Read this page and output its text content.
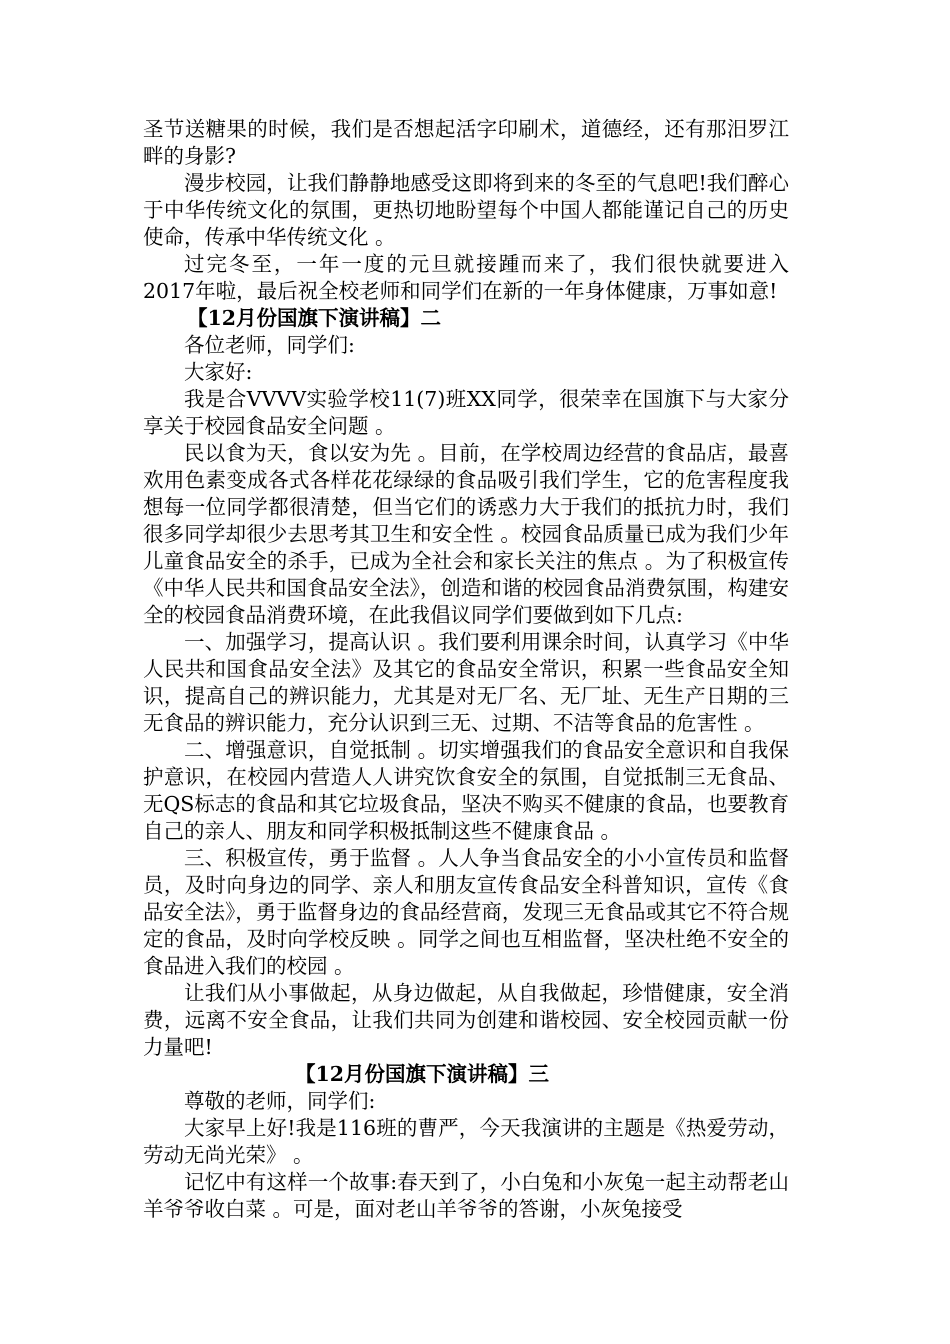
圣节送糖果的时候，我们是否想起活字印刷术，道德经，还有那汨罗江畔的身影?

漫步校园，让我们静静地感受这即将到来的冬至的气息吧!我们醉心于中华传统文化的氛围，更热切地盼望每个中国人都能谨记自己的历史使命，传承中华传统文化 。

过完冬至，一年一度的元旦就接踵而来了，我们很快就要进入2017年啦，最后祝全校老师和同学们在新的一年身体健康，万事如意!

【12月份国旗下演讲稿】二

各位老师，同学们:

大家好:

我是合VVVV实验学校11(7)班XX同学，很荣幸在国旗下与大家分享关于校园食品安全问题 。

民以食为天，食以安为先 。目前，在学校周边经营的食品店，最喜欢用色素变成各式各样花花绿绿的食品吸引我们学生，它的危害程度我想每一位同学都很清楚，但当它们的诱惑力大于我们的抵抗力时，我们很多同学却很少去思考其卫生和安全性 。校园食品质量已成为我们少年儿童食品安全的杀手，已成为全社会和家长关注的焦点 。为了积极宣传《中华人民共和国食品安全法》，创造和谐的校园食品消费氛围，构建安全的校园食品消费环境，在此我倡议同学们要做到如下几点:

一、加强学习，提高认识 。我们要利用课余时间，认真学习《中华人民共和国食品安全法》及其它的食品安全常识，积累一些食品安全知识，提高自己的辨识能力，尤其是对无厂名、无厂址、无生产日期的三无食品的辨识能力，充分认识到三无、过期、不洁等食品的危害性 。

二、增强意识，自觉抵制 。切实增强我们的食品安全意识和自我保护意识，在校园内营造人人讲究饮食安全的氛围，自觉抵制三无食品、无QS标志的食品和其它垃圾食品，坚决不购买不健康的食品，也要教育自己的亲人、朋友和同学积极抵制这些不健康食品 。

三、积极宣传，勇于监督 。人人争当食品安全的小小宣传员和监督员，及时向身边的同学、亲人和朋友宣传食品安全科普知识，宣传《食品安全法》，勇于监督身边的食品经营商，发现三无食品或其它不符合规定的食品，及时向学校反映 。同学之间也互相监督，坚决杜绝不安全的食品进入我们的校园 。

让我们从小事做起，从身边做起，从自我做起，珍惜健康，安全消费，远离不安全食品，让我们共同为创建和谐校园、安全校园贡献一份力量吧!

【12月份国旗下演讲稿】三

尊敬的老师，同学们:

大家早上好!我是116班的曹严，今天我演讲的主题是《热爱劳动，劳动无尚光荣》 。

记忆中有这样一个故事:春天到了，小白兔和小灰兔一起主动帮老山羊爷爷收白菜 。可是，面对老山羊爷爷的答谢，小灰兔接受
